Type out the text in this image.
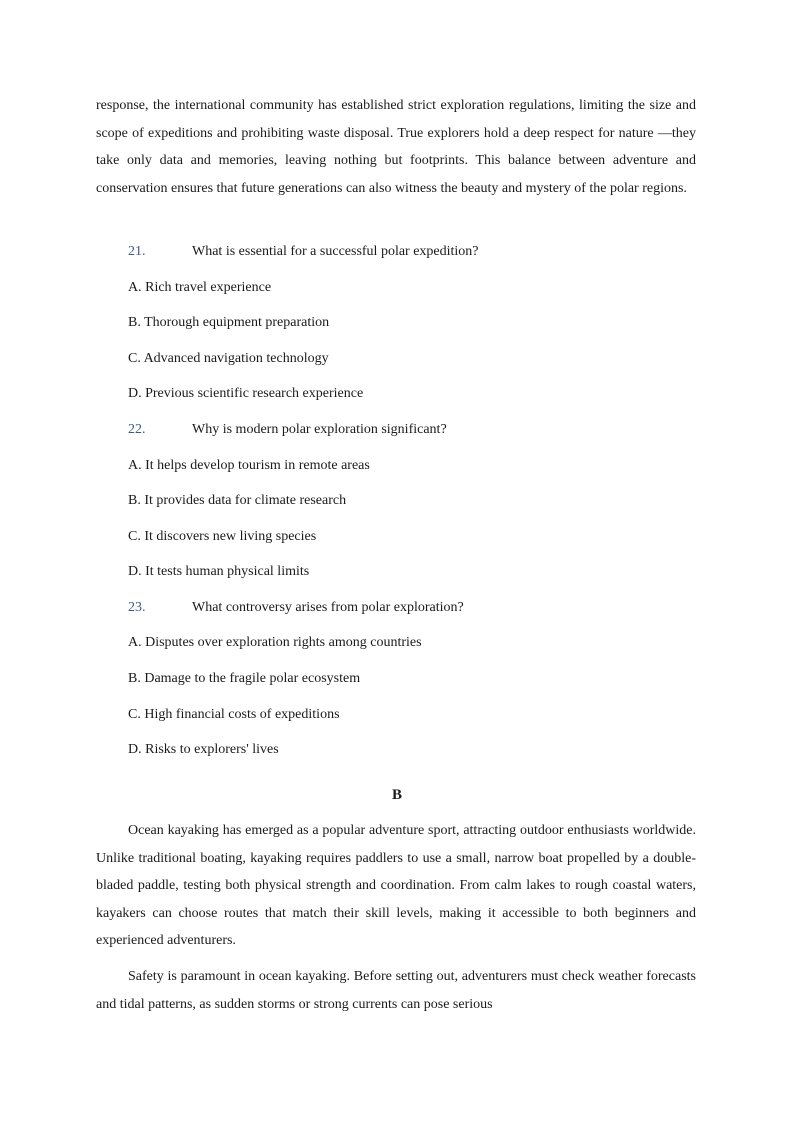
response, the international community has established strict exploration regulations, limiting the size and scope of expeditions and prohibiting waste disposal. True explorers hold a deep respect for nature —they take only data and memories, leaving nothing but footprints. This balance between adventure and conservation ensures that future generations can also witness the beauty and mystery of the polar regions.

21.	What is essential for a successful polar expedition?
A. Rich travel experience
B. Thorough equipment preparation
C. Advanced navigation technology
D. Previous scientific research experience
22.	Why is modern polar exploration significant?
A. It helps develop tourism in remote areas
B. It provides data for climate research
C. It discovers new living species
D. It tests human physical limits
23.	What controversy arises from polar exploration?
A. Disputes over exploration rights among countries
B. Damage to the fragile polar ecosystem
C. High financial costs of expeditions
D. Risks to explorers' lives
B

Ocean kayaking has emerged as a popular adventure sport, attracting outdoor enthusiasts worldwide. Unlike traditional boating, kayaking requires paddlers to use a small, narrow boat propelled by a double-bladed paddle, testing both physical strength and coordination. From calm lakes to rough coastal waters, kayakers can choose routes that match their skill levels, making it accessible to both beginners and experienced adventurers.

Safety is paramount in ocean kayaking. Before setting out, adventurers must check weather forecasts and tidal patterns, as sudden storms or strong currents can pose serious
